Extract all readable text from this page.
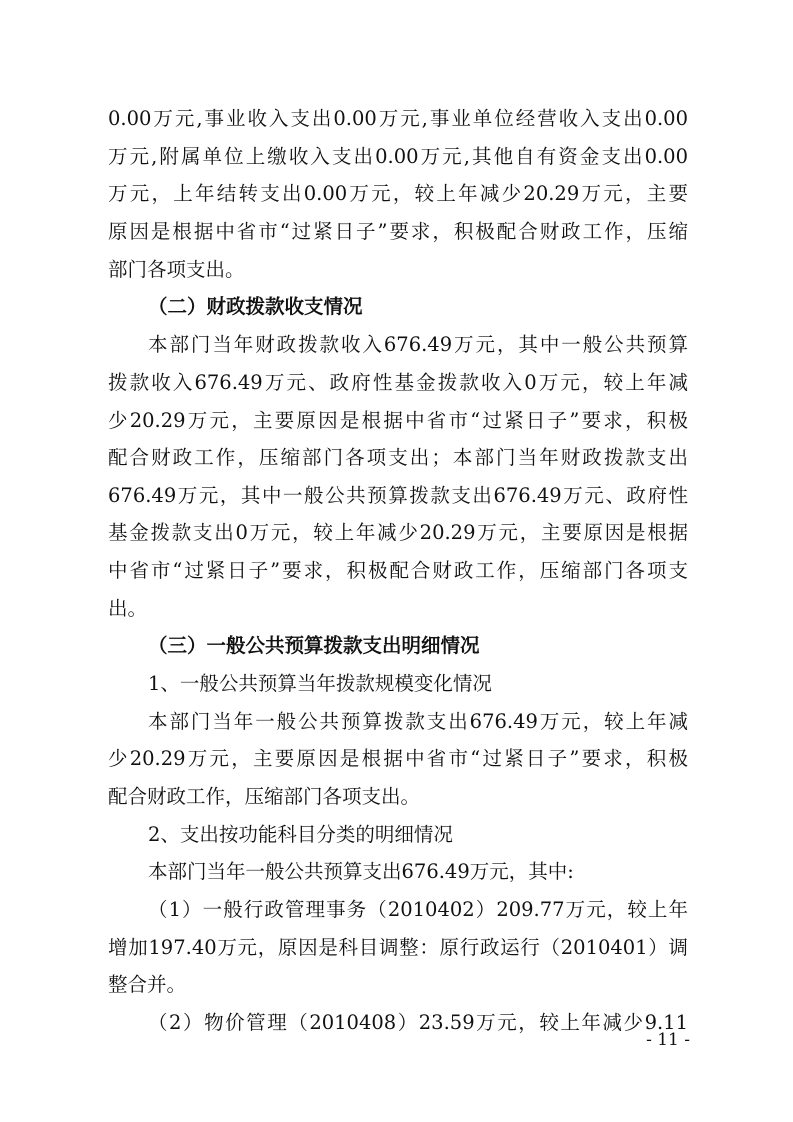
0.00万元,事业收入支出0.00万元,事业单位经营收入支出0.00
万元,附属单位上缴收入支出0.00万元,其他自有资金支出0.00
万元，上年结转支出0.00万元，较上年减少20.29万元，主要
原因是根据中省市“过紧日子”要求，积极配合财政工作，压缩
部门各项支出。
（二）财政拨款收支情况
本部门当年财政拨款收入676.49万元，其中一般公共预算
拨款收入676.49万元、政府性基金拨款收入0万元，较上年减
少20.29万元，主要原因是根据中省市“过紧日子”要求，积极
配合财政工作，压缩部门各项支出；本部门当年财政拨款支出
676.49万元，其中一般公共预算拨款支出676.49万元、政府性
基金拨款支出0万元，较上年减少20.29万元，主要原因是根据
中省市“过紧日子”要求，积极配合财政工作，压缩部门各项支
出。
（三）一般公共预算拨款支出明细情况
1、一般公共预算当年拨款规模变化情况
本部门当年一般公共预算拨款支出676.49万元，较上年减
少20.29万元，主要原因是根据中省市“过紧日子”要求，积极
配合财政工作，压缩部门各项支出。
2、支出按功能科目分类的明细情况
本部门当年一般公共预算支出676.49万元，其中:
（1）一般行政管理事务（2010402）209.77万元，较上年
增加197.40万元，原因是科目调整：原行政运行（2010401）调
整合并。
（2）物价管理（2010408）23.59万元，较上年减少9.11
- 11 -
